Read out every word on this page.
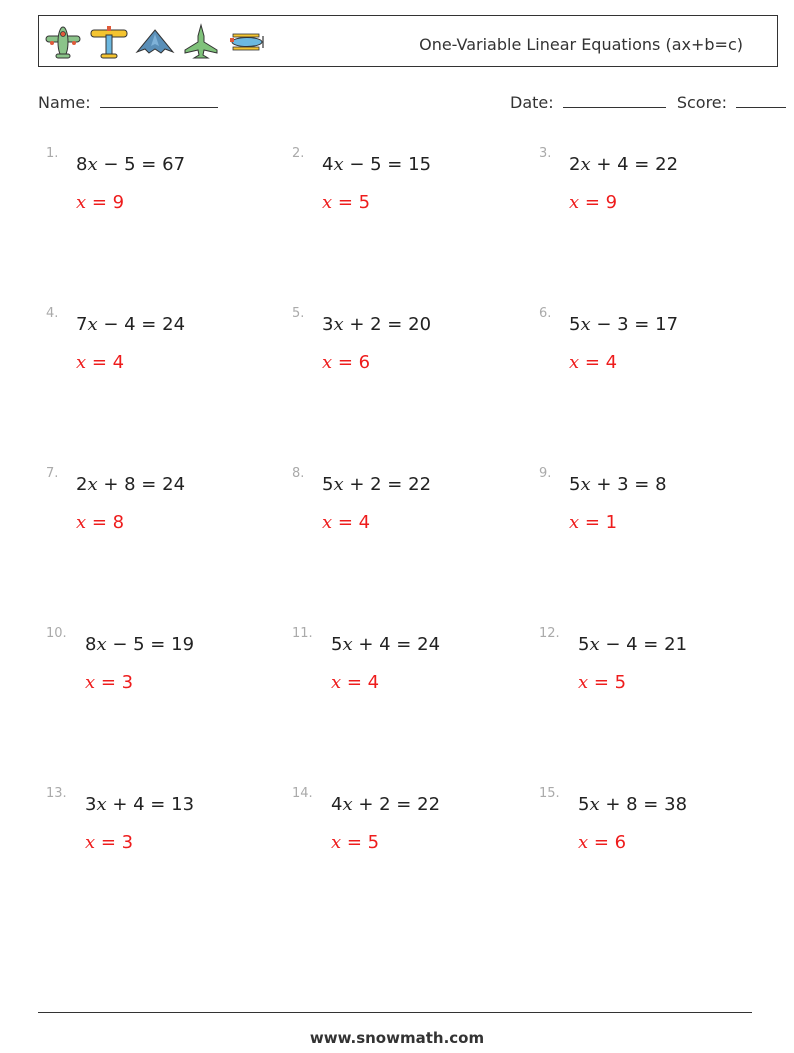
One-Variable Linear Equations (ax+b=c)
Name:	Date:	Score:
1.
8x − 5 = 67
x = 9
2.
4x − 5 = 15
x = 5
3.
2x + 4 = 22
x = 9
4.
7x − 4 = 24
x = 4
5.
3x + 2 = 20
x = 6
6.
5x − 3 = 17
x = 4
7.
2x + 8 = 24
x = 8
8.
5x + 2 = 22
x = 4
9.
5x + 3 = 8
x = 1
10.
8x − 5 = 19
x = 3
11.
5x + 4 = 24
x = 4
12.
5x − 4 = 21
x = 5
13.
3x + 4 = 13
x = 3
14.
4x + 2 = 22
x = 5
15.
5x + 8 = 38
x = 6
www.snowmath.com
